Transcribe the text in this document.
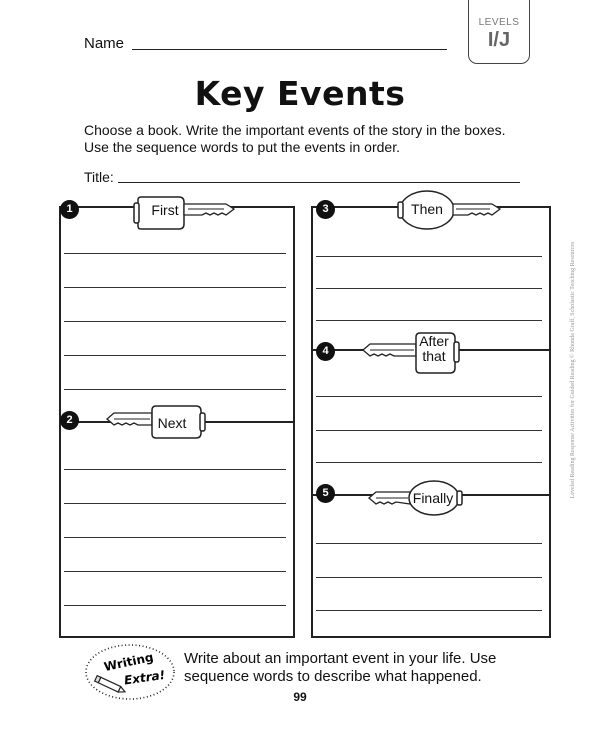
Name
LEVELS
I/J
Key Events
Choose a book. Write the important events of the story in the boxes.
Use the sequence words to put the events in order.
Title:
First
Next
Then
After
that
Finally
1
2
3
4
5	Leveled Reading Response Activities for Guided Reading © Rhonda Graff, Scholastic Teaching Resources
Writing
Extra!
Write about an important event in your life. Use
sequence words to describe what happened.
99
